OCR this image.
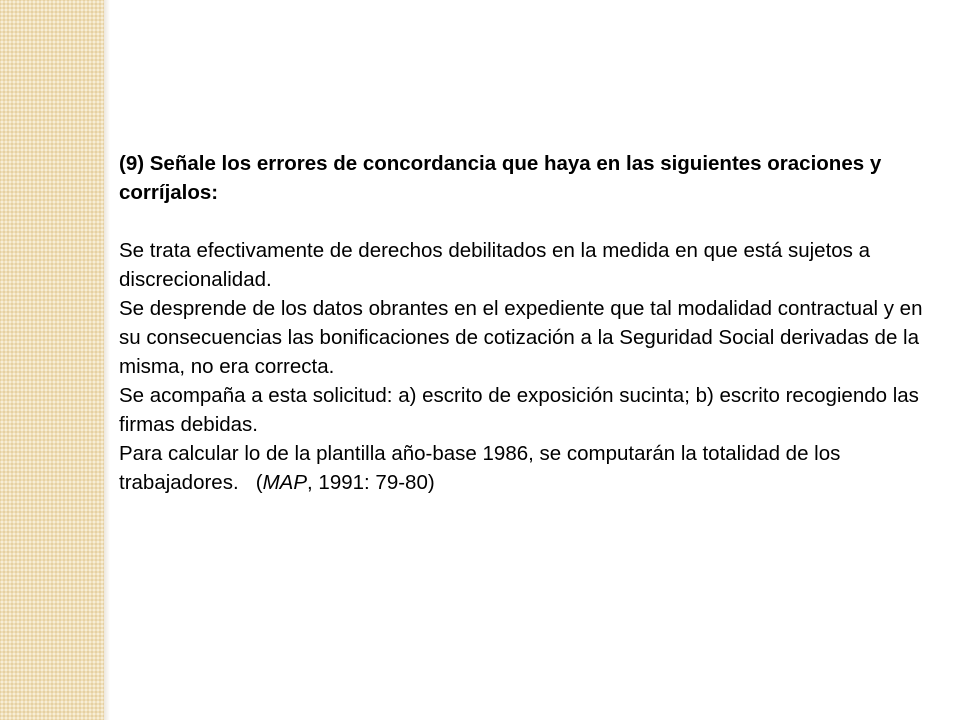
(9) Señale los errores de concordancia que haya en las siguientes oraciones y corríjalos:

Se trata efectivamente de derechos debilitados en la medida en que está sujetos a discrecionalidad.

Se desprende de los datos obrantes en el expediente que tal modalidad contractual y en su consecuencias las bonificaciones de cotización a la Seguridad Social derivadas de la misma, no era correcta.

Se acompaña a esta solicitud: a) escrito de exposición sucinta; b) escrito recogiendo las firmas debidas.

Para calcular lo de la plantilla año-base 1986, se computarán la totalidad de los trabajadores. (MAP, 1991: 79-80)
